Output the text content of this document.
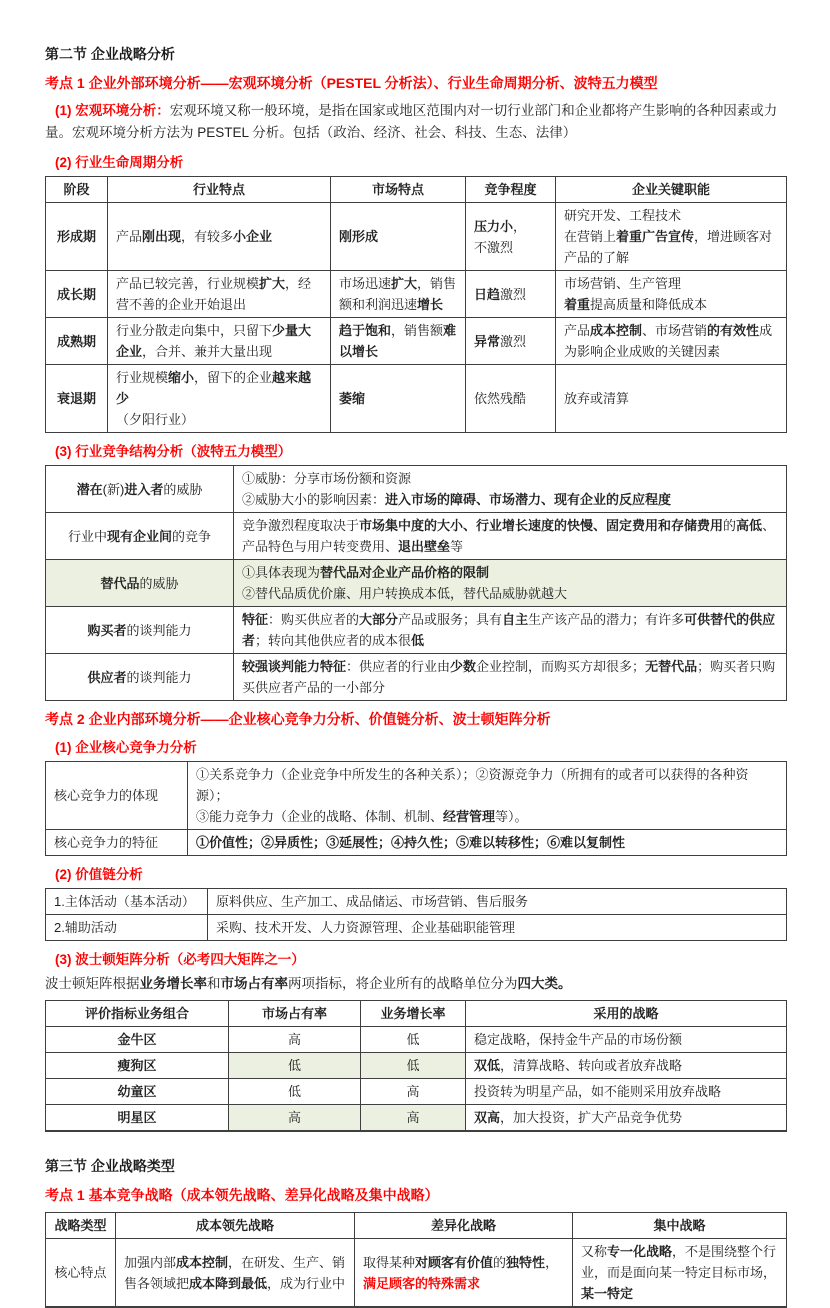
第二节 企业战略分析
考点 1 企业外部环境分析——宏观环境分析（PESTEL 分析法）、行业生命周期分析、波特五力模型
(1) 宏观环境分析：宏观环境又称一般环境，是指在国家或地区范围内对一切行业部门和企业都将产生影响的各种因素或力量。宏观环境分析方法为 PESTEL 分析。包括（政治、经济、社会、科技、生态、法律）
(2) 行业生命周期分析
阶段	行业特点	市场特点	竞争程度	企业关键职能
形成期	产品刚出现，有较多小企业	刚形成	压力小，
不激烈	研究开发、工程技术
在营销上着重广告宣传，增进顾客对产品的了解
成长期	产品已较完善，行业规模扩大，经营不善的企业开始退出	市场迅速扩大，销售额和利润迅速增长	日趋激烈	市场营销、生产管理
着重提高质量和降低成本
成熟期	行业分散走向集中，只留下少量大企业，合并、兼并大量出现	趋于饱和，销售额难以增长	异常激烈	产品成本控制、市场营销的有效性成为影响企业成败的关键因素
衰退期	行业规模缩小，留下的企业越来越少
（夕阳行业）	萎缩	依然残酷	放弃或清算
(3) 行业竞争结构分析（波特五力模型）
潜在(新)进入者的威胁	①威胁：分享市场份额和资源
②威胁大小的影响因素：进入市场的障碍、市场潜力、现有企业的反应程度
行业中现有企业间的竞争	竞争激烈程度取决于市场集中度的大小、行业增长速度的快慢、固定费用和存储费用的高低、产品特色与用户转变费用、退出壁垒等
替代品的威胁	①具体表现为替代品对企业产品价格的限制
②替代品质优价廉、用户转换成本低，替代品威胁就越大
购买者的谈判能力	特征：购买供应者的大部分产品或服务；具有自主生产该产品的潜力；有许多可供替代的供应者；转向其他供应者的成本很低
供应者的谈判能力	较强谈判能力特征：供应者的行业由少数企业控制，而购买方却很多；无替代品；购买者只购买供应者产品的一小部分
考点 2 企业内部环境分析——企业核心竞争力分析、价值链分析、波士顿矩阵分析
(1) 企业核心竞争力分析
核心竞争力的体现	①关系竞争力（企业竞争中所发生的各种关系）；②资源竞争力（所拥有的或者可以获得的各种资源）；
③能力竞争力（企业的战略、体制、机制、经营管理等）。
核心竞争力的特征	①价值性；②异质性；③延展性；④持久性；⑤难以转移性；⑥难以复制性
(2) 价值链分析
1.主体活动（基本活动）	原料供应、生产加工、成品储运、市场营销、售后服务
2.辅助活动	采购、技术开发、人力资源管理、企业基础职能管理
(3) 波士顿矩阵分析（必考四大矩阵之一）
波士顿矩阵根据业务增长率和市场占有率两项指标，将企业所有的战略单位分为四大类。
评价指标业务组合	市场占有率	业务增长率	采用的战略
金牛区	高	低	稳定战略，保持金牛产品的市场份额
瘦狗区	低	低	双低，清算战略、转向或者放弃战略
幼童区	低	高	投资转为明星产品，如不能则采用放弃战略
明星区	高	高	双高，加大投资，扩大产品竞争优势
第三节 企业战略类型
考点 1 基本竞争战略（成本领先战略、差异化战略及集中战略）
战略类型	成本领先战略	差异化战略	集中战略
核心特点	加强内部成本控制，在研发、生产、销售各领域把成本降到最低，成为行业中	取得某种对顾客有价值的独特性，满足顾客的特殊需求	又称专一化战略，不是围绕整个行业，而是面向某一特定目标市场，某一特定
